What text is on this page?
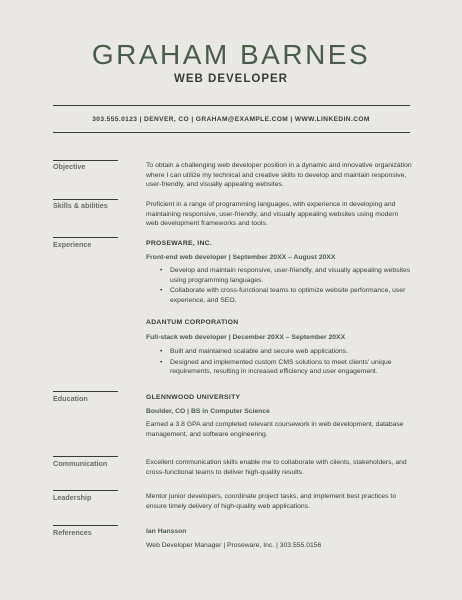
GRAHAM BARNES
WEB DEVELOPER
303.555.0123 | DENVER, CO | GRAHAM@EXAMPLE.COM | WWW.LINKEDIN.COM
Objective	To obtain a challenging web developer position in a dynamic and innovative organization where I can utilize my technical and creative skills to develop and maintain responsive, user-friendly, and visually appealing websites.
Skills & abilities	Proficient in a range of programming languages, with experience in developing and maintaining responsive, user-friendly, and visually appealing websites using modern web development frameworks and tools.
Experience	PROSEWARE, INC.
Front-end web developer | September 20XX – August 20XX
• Develop and maintain responsive, user-friendly, and visually appealing websites using programming languages.
• Collaborate with cross-functional teams to optimize website performance, user experience, and SEO.
ADANTUM CORPORATION
Full-stack web developer | December 20XX – September 20XX
• Built and maintained scalable and secure web applications.
• Designed and implemented custom CMS solutions to meet clients' unique requirements, resulting in increased efficiency and user engagement.
Education	GLENNWOOD UNIVERSITY
Boulder, CO | BS in Computer Science
Earned a 3.8 GPA and completed relevant coursework in web development, database management, and software engineering.
Communication	Excellent communication skills enable me to collaborate with clients, stakeholders, and cross-functional teams to deliver high-quality results.
Leadership	Mentor junior developers, coordinate project tasks, and implement best practices to ensure timely delivery of high-quality web applications.
References	Ian Hansson
Web Developer Manager | Proseware, Inc. | 303.555.0156
